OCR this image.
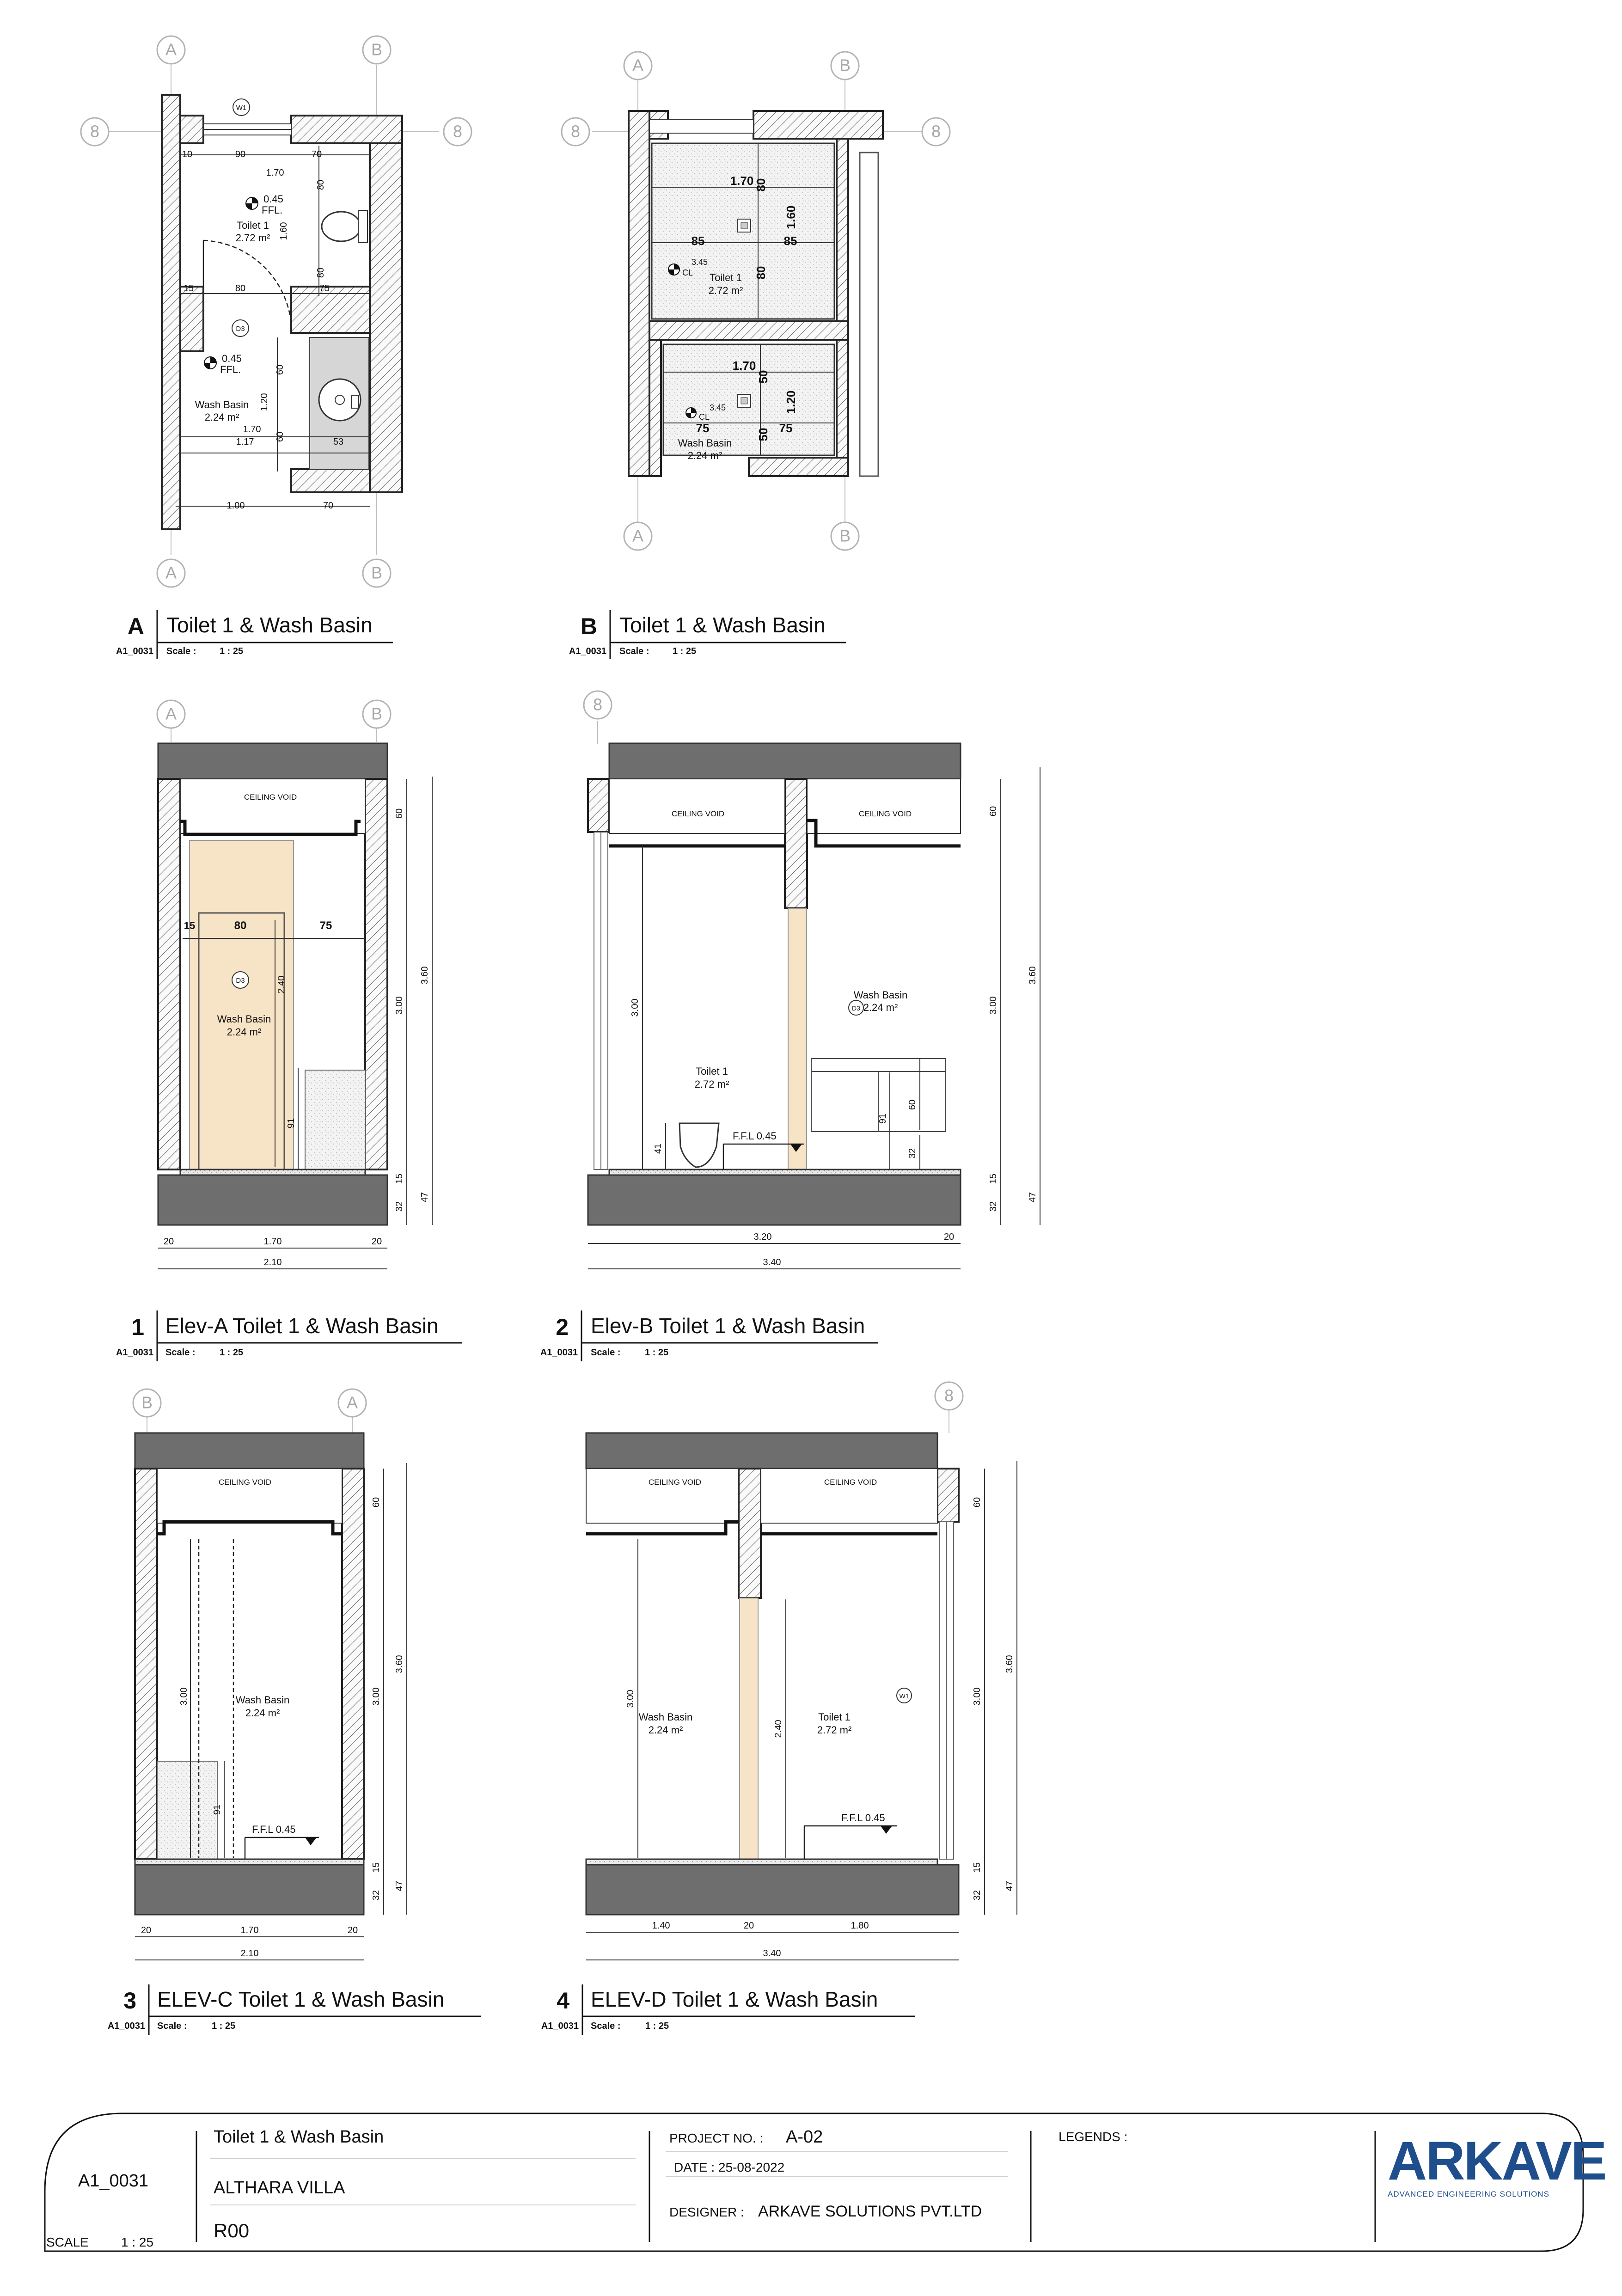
A	B
8	8
A	B
10	90	70
1.70
80
1.60
80
15	80	75
60
1.20
60
1.70
1.17	53
1.00	70
W1
D3
0.45
FFL.
Toilet 1
2.72 m²
0.45
FFL.
Wash Basin
2.24 m²
A	B
8	8
A	B
1.70 80
1.60
85	85
80
1.70
50
1.20
75	75
50
3.45
CL Toilet 1
2.72 m²
3.45
CL
Wash Basin
2.24 m²
A	B
CEILING VOID
15	80	75
2.40
91
D3
Wash Basin
2.24 m²
60
3.00
3.60
15
32
47
20	1.70	20
2.10
8
CEILING VOID	CEILING VOID
3.00
Toilet 1
2.72 m²
41
F.F.L 0.45
D3
Wash Basin
2.24 m²
91
60
32
60
3.00
3.60
15
32
47
3.20	20
3.40
B	A
CEILING VOID
3.00	Wash Basin
2.24 m²
91
F.F.L 0.45
60
3.00
3.60
15
32
47
20	1.70	20
2.10
8
CEILING VOID	CEILING VOID
3.00
Wash Basin
2.24 m²	2.40
Toilet 1
2.72 m²
W1
F.F.L 0.45
60
3.00
3.60
15
32
47
1.40	20	1.80
3.40
A Toilet 1 & Wash Basin
A1_0031 Scale :	1 : 25
B Toilet 1 & Wash Basin
A1_0031 Scale :	1 : 25
1 Elev-A Toilet 1 & Wash Basin
A1_0031 Scale :	1 : 25
2 Elev-B Toilet 1 & Wash Basin
A1_0031 Scale :	1 : 25
3 ELEV-C Toilet 1 & Wash Basin
A1_0031 Scale :	1 : 25
4 ELEV-D Toilet 1 & Wash Basin
A1_0031 Scale :	1 : 25
A1_0031
SCALE	1 : 25
Toilet 1 & Wash Basin
ALTHARA VILLA
R00
PROJECT NO. : A-02
DATE : 25-08-2022
DESIGNER : ARKAVE SOLUTIONS PVT.LTD
LEGENDS :	ARKAVE
ADVANCED ENGINEERING SOLUTIONS
